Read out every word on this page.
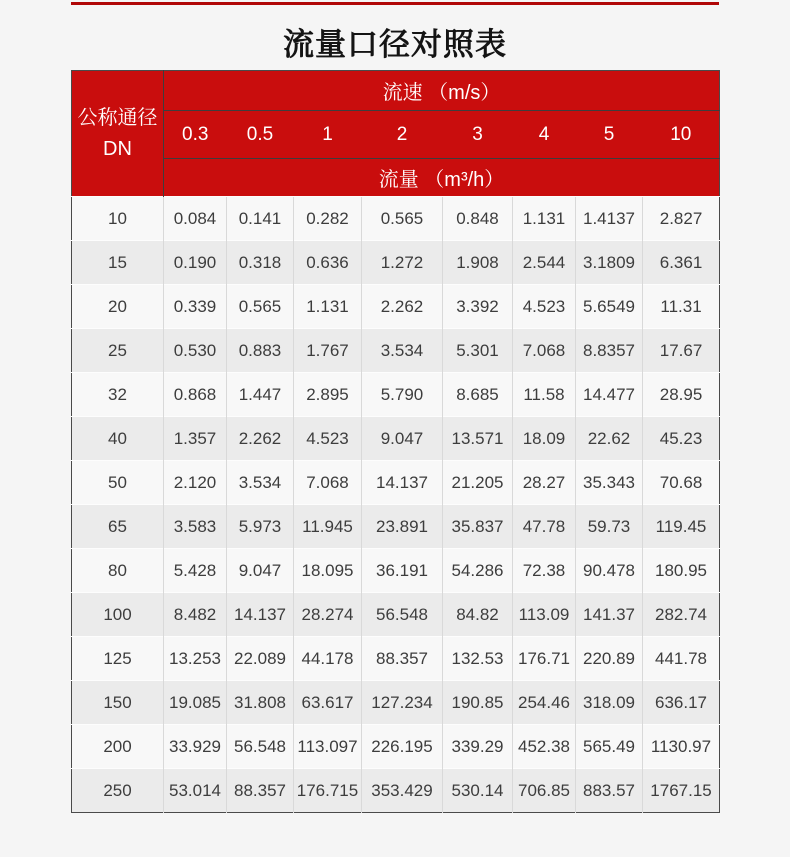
流量口径对照表
公称通径
DN	流速 （m/s）							
	0.3	0.5	1	2	3	4	5	10
	流量 （m³/h）							
10	0.084	0.141	0.282	0.565	0.848	1.131	1.4137	2.827
15	0.190	0.318	0.636	1.272	1.908	2.544	3.1809	6.361
20	0.339	0.565	1.131	2.262	3.392	4.523	5.6549	11.31
25	0.530	0.883	1.767	3.534	5.301	7.068	8.8357	17.67
32	0.868	1.447	2.895	5.790	8.685	11.58	14.477	28.95
40	1.357	2.262	4.523	9.047	13.571	18.09	22.62	45.23
50	2.120	3.534	7.068	14.137	21.205	28.27	35.343	70.68
65	3.583	5.973	11.945	23.891	35.837	47.78	59.73	119.45
80	5.428	9.047	18.095	36.191	54.286	72.38	90.478	180.95
100	8.482	14.137	28.274	56.548	84.82	113.09	141.37	282.74
125	13.253	22.089	44.178	88.357	132.53	176.71	220.89	441.78
150	19.085	31.808	63.617	127.234	190.85	254.46	318.09	636.17
200	33.929	56.548	113.097	226.195	339.29	452.38	565.49	1130.97
250	53.014	88.357	176.715	353.429	530.14	706.85	883.57	1767.15
